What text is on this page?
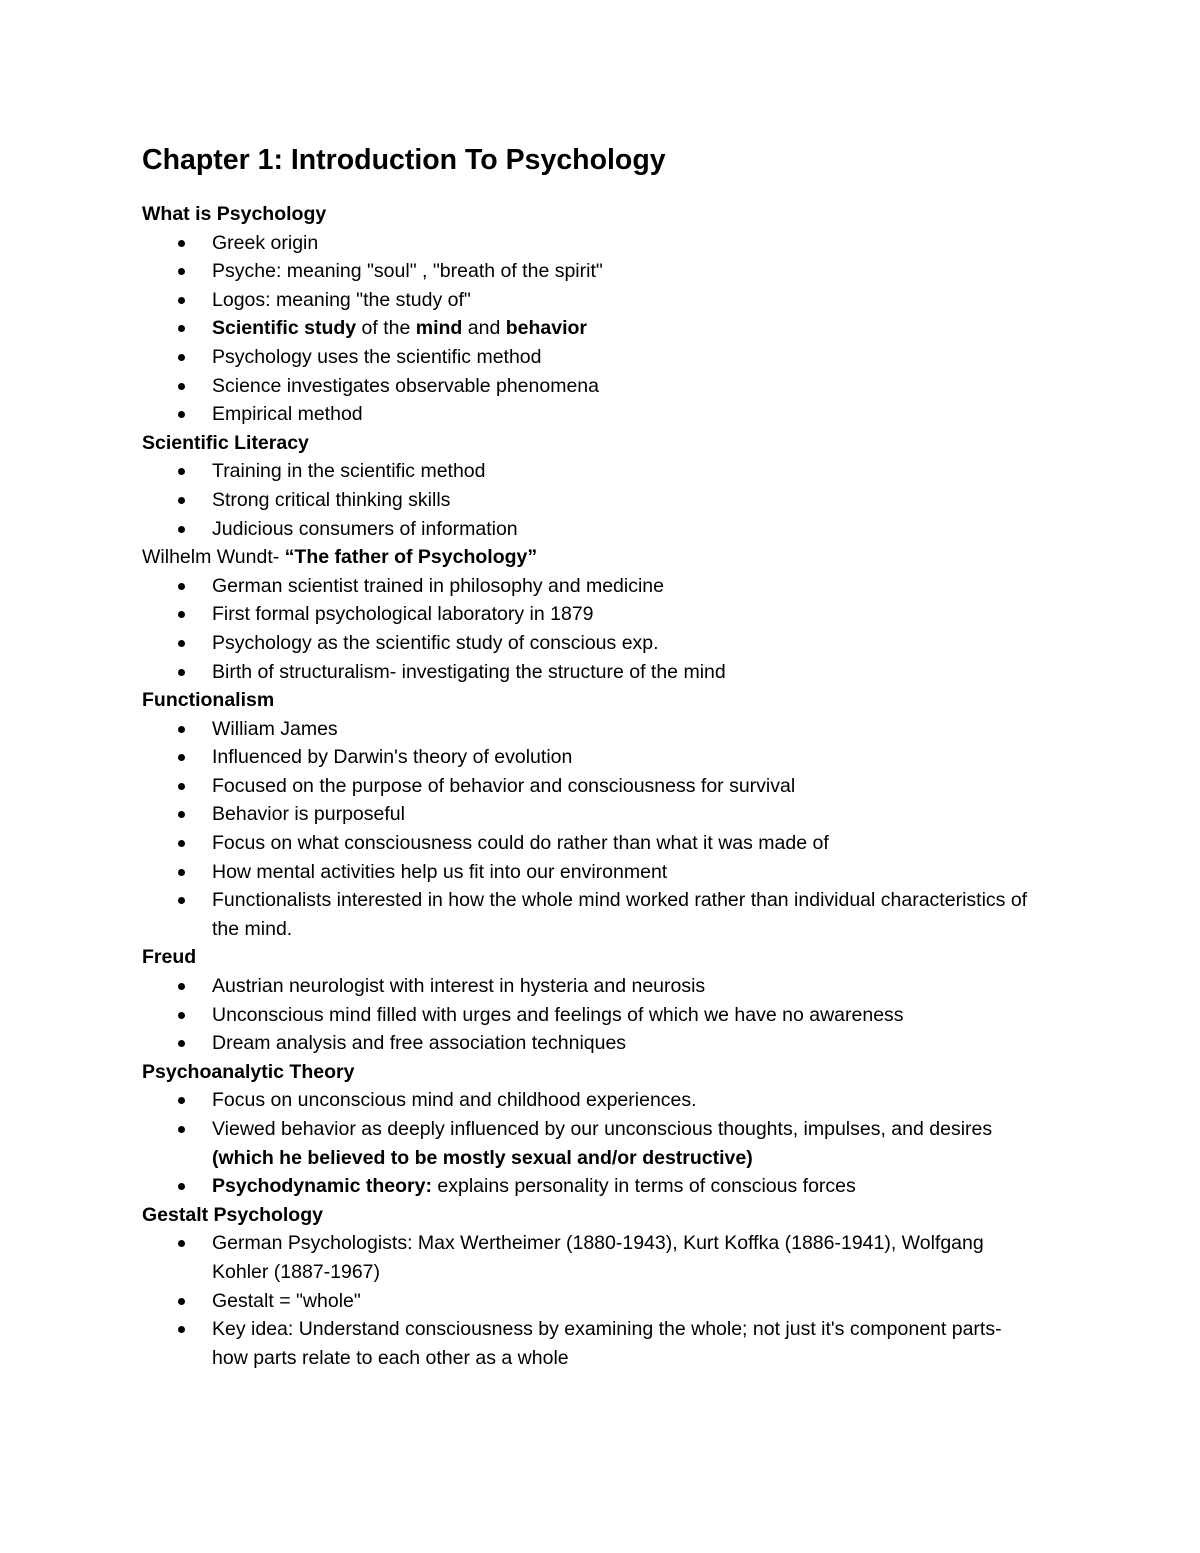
Chapter 1: Introduction To Psychology
What is Psychology
Greek origin
Psyche: meaning "soul" , "breath of the spirit"
Logos: meaning "the study of"
Scientific study of the mind and behavior
Psychology uses the scientific method
Science investigates observable phenomena
Empirical method
Scientific Literacy
Training in the scientific method
Strong critical thinking skills
Judicious consumers of information
Wilhelm Wundt- “The father of Psychology”
German scientist trained in philosophy and medicine
First formal psychological laboratory in 1879
Psychology as the scientific study of conscious exp.
Birth of structuralism- investigating the structure of the mind
Functionalism
William James
Influenced by Darwin's theory of evolution
Focused on the purpose of behavior and consciousness for survival
Behavior is purposeful
Focus on what consciousness could do rather than what it was made of
How mental activities help us fit into our environment
Functionalists interested in how the whole mind worked rather than individual characteristics of the mind.
Freud
Austrian neurologist with interest in hysteria and neurosis
Unconscious mind filled with urges and feelings of which we have no awareness
Dream analysis and free association techniques
Psychoanalytic Theory
Focus on unconscious mind and childhood experiences.
Viewed behavior as deeply influenced by our unconscious thoughts, impulses, and desires (which he believed to be mostly sexual and/or destructive)
Psychodynamic theory: explains personality in terms of conscious forces
Gestalt Psychology
German Psychologists: Max Wertheimer (1880-1943), Kurt Koffka (1886-1941), Wolfgang Kohler (1887-1967)
Gestalt = "whole"
Key idea: Understand consciousness by examining the whole; not just it's component parts- how parts relate to each other as a whole
